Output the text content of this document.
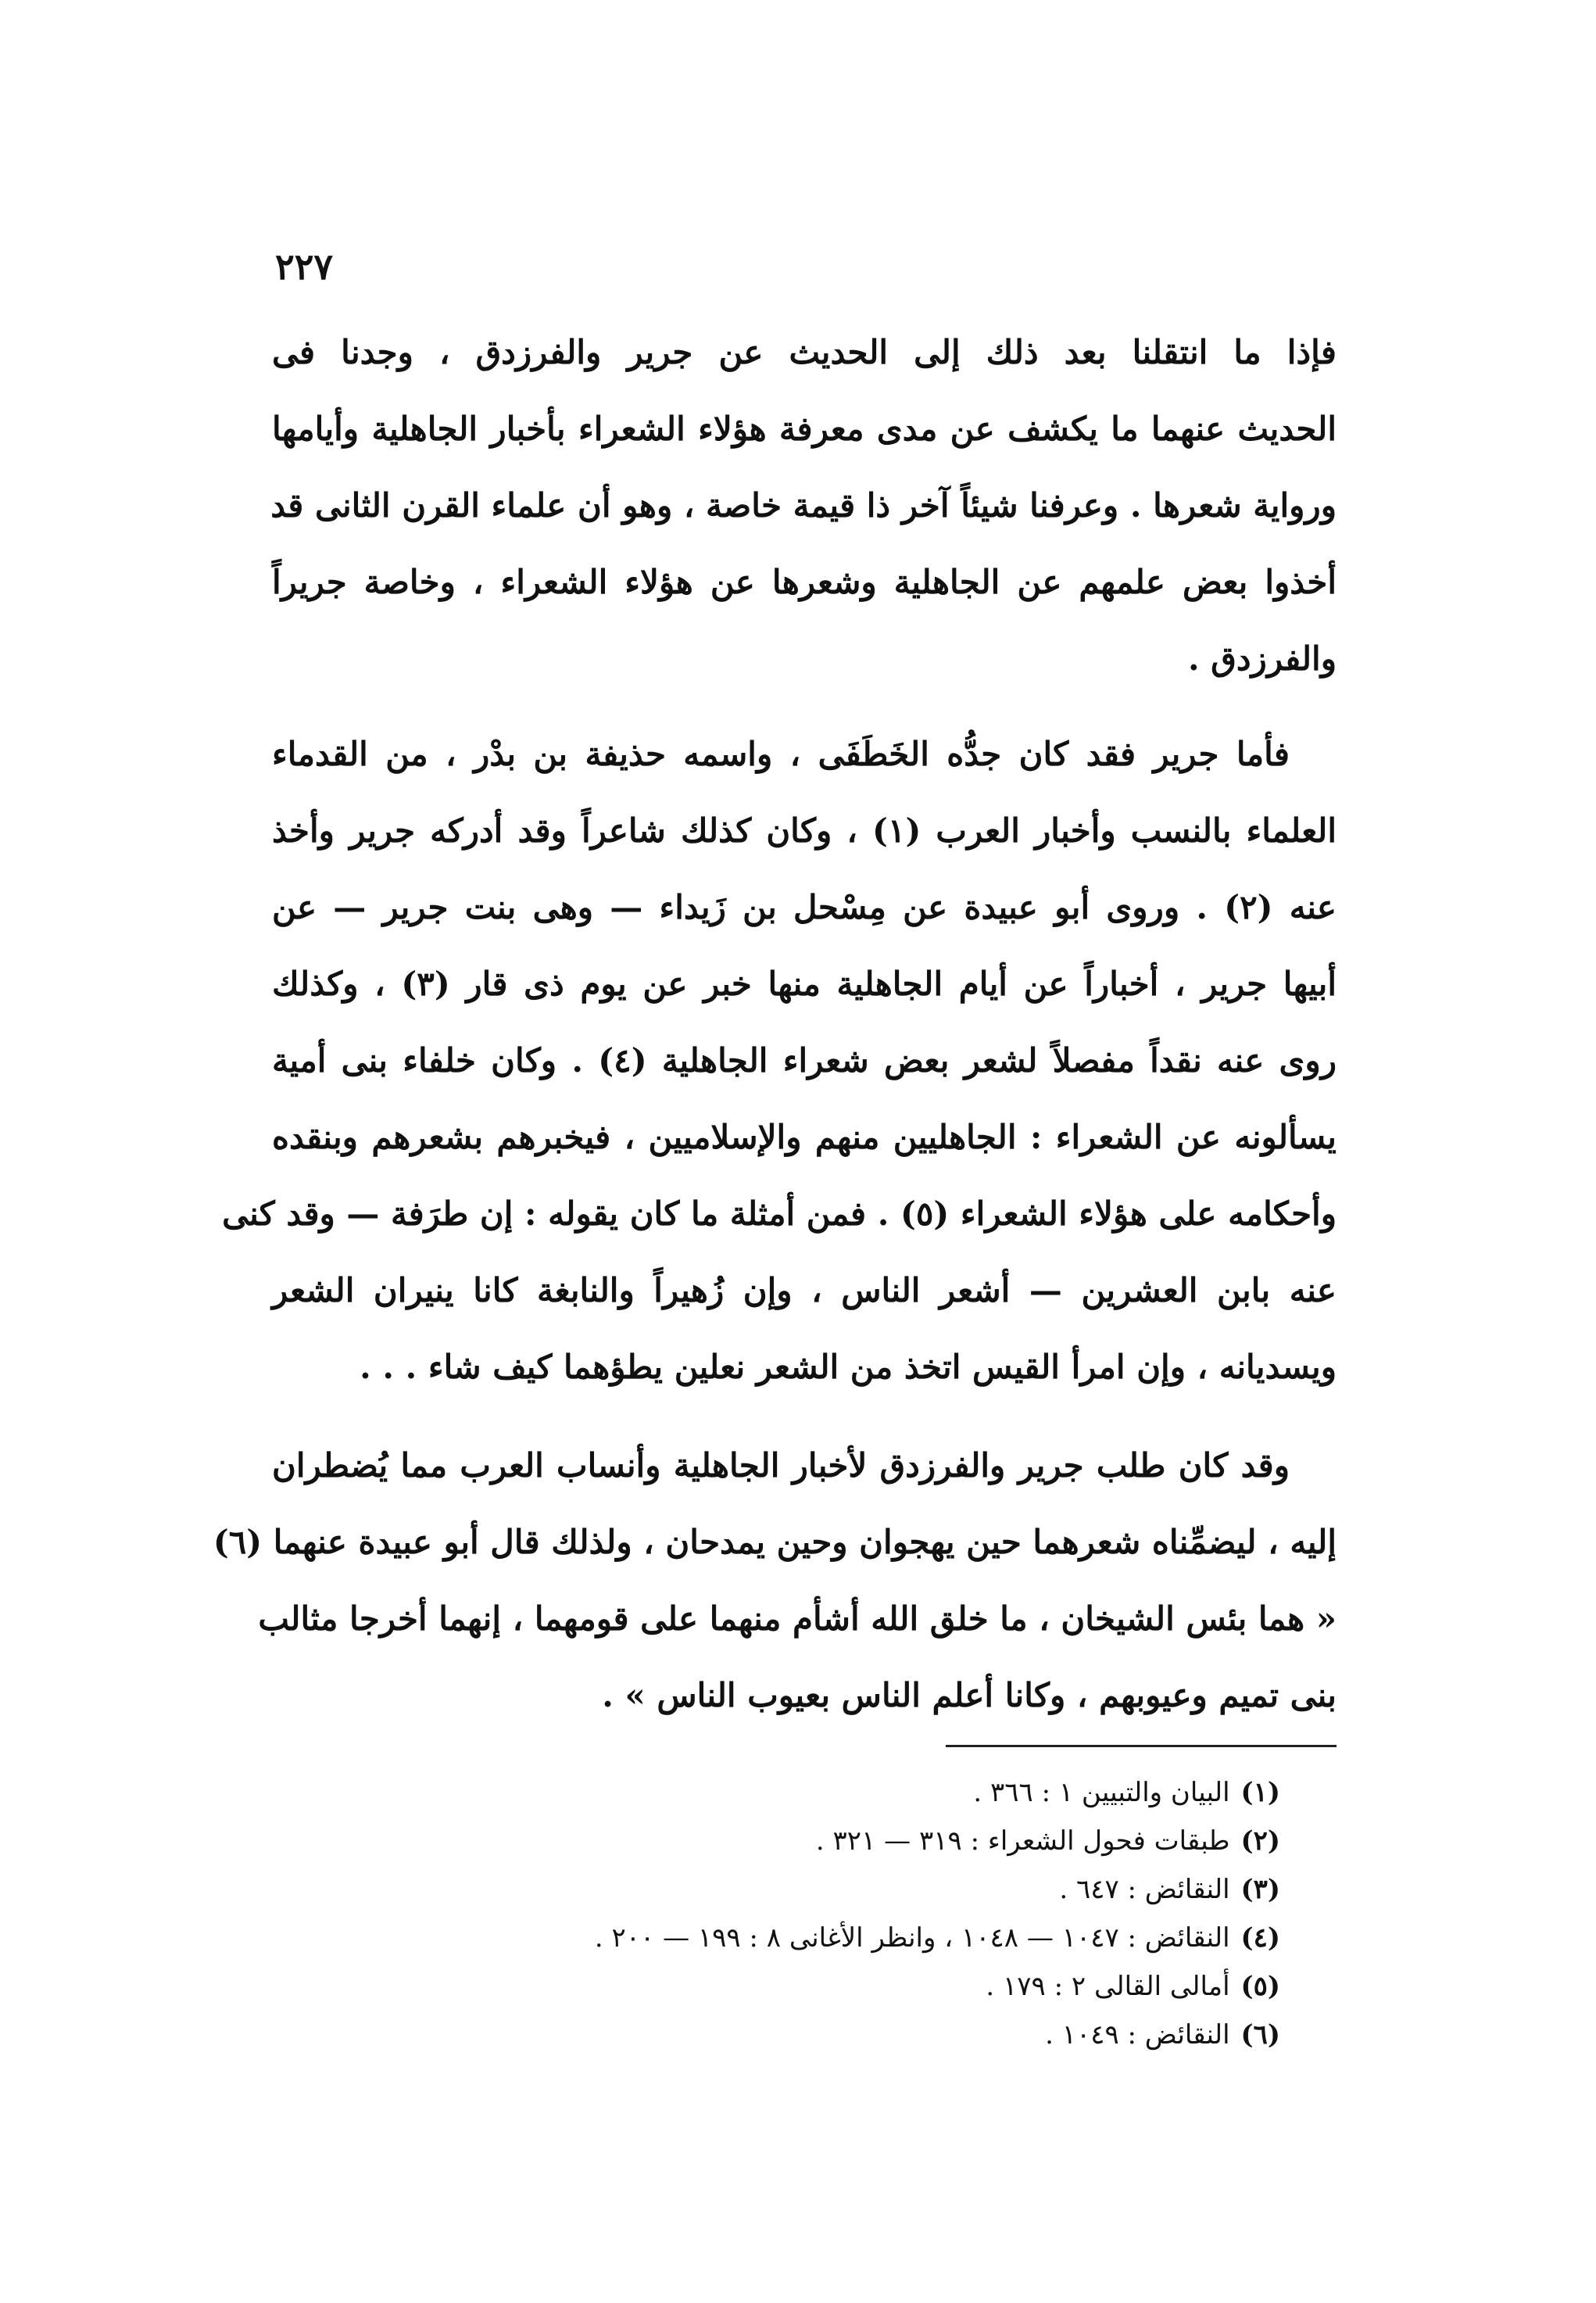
٢٢٧
فإذا ما انتقلنا بعد ذلك إلى الحديث عن جرير والفرزدق ، وجدنا فى
الحديث عنهما ما يكشف عن مدى معرفة هؤلاء الشعراء بأخبار الجاهلية وأيامها
ورواية شعرها . وعرفنا شيئاً آخر ذا قيمة خاصة ، وهو أن علماء القرن الثانى قد
أخذوا بعض علمهم عن الجاهلية وشعرها عن هؤلاء الشعراء ، وخاصة جريراً
والفرزدق .
فأما جرير فقد كان جدُّه الخَطَفَى ، واسمه حذيفة بن بدْر ، من القدماء
العلماء بالنسب وأخبار العرب (١) ، وكان كذلك شاعراً وقد أدركه جرير وأخذ
عنه (٢) . وروى أبو عبيدة عن مِسْحل بن زَيداء — وهى بنت جرير — عن
أبيها جرير ، أخباراً عن أيام الجاهلية منها خبر عن يوم ذى قار (٣) ، وكذلك
روى عنه نقداً مفصلاً لشعر بعض شعراء الجاهلية (٤) . وكان خلفاء بنى أمية
يسألونه عن الشعراء : الجاهليين منهم والإسلاميين ، فيخبرهم بشعرهم وبنقده
وأحكامه على هؤلاء الشعراء (٥) . فمن أمثلة ما كان يقوله : إن طرَفة — وقد كنى
عنه بابن العشرين — أشعر الناس ، وإن زُهيراً والنابغة كانا ينيران الشعر
ويسديانه ، وإن امرأ القيس اتخذ من الشعر نعلين يطؤهما كيف شاء . . .
وقد كان طلب جرير والفرزدق لأخبار الجاهلية وأنساب العرب مما يُضطران
إليه ، ليضمِّناه شعرهما حين يهجوان وحين يمدحان ، ولذلك قال أبو عبيدة عنهما (٦)
« هما بئس الشيخان ، ما خلق الله أشأم منهما على قومهما ، إنهما أخرجا مثالب
بنى تميم وعيوبهم ، وكانا أعلم الناس بعيوب الناس » .
(١)البيان والتبيين ١ : ٣٦٦ .
(٢)طبقات فحول الشعراء : ٣١٩ — ٣٢١ .
(٣)النقائض : ٦٤٧ .
(٤)النقائض : ١٠٤٧ — ١٠٤٨ ، وانظر الأغانى ٨ : ١٩٩ — ٢٠٠ .
(٥)أمالى القالى ٢ : ١٧٩ .
(٦)النقائض : ١٠٤٩ .
